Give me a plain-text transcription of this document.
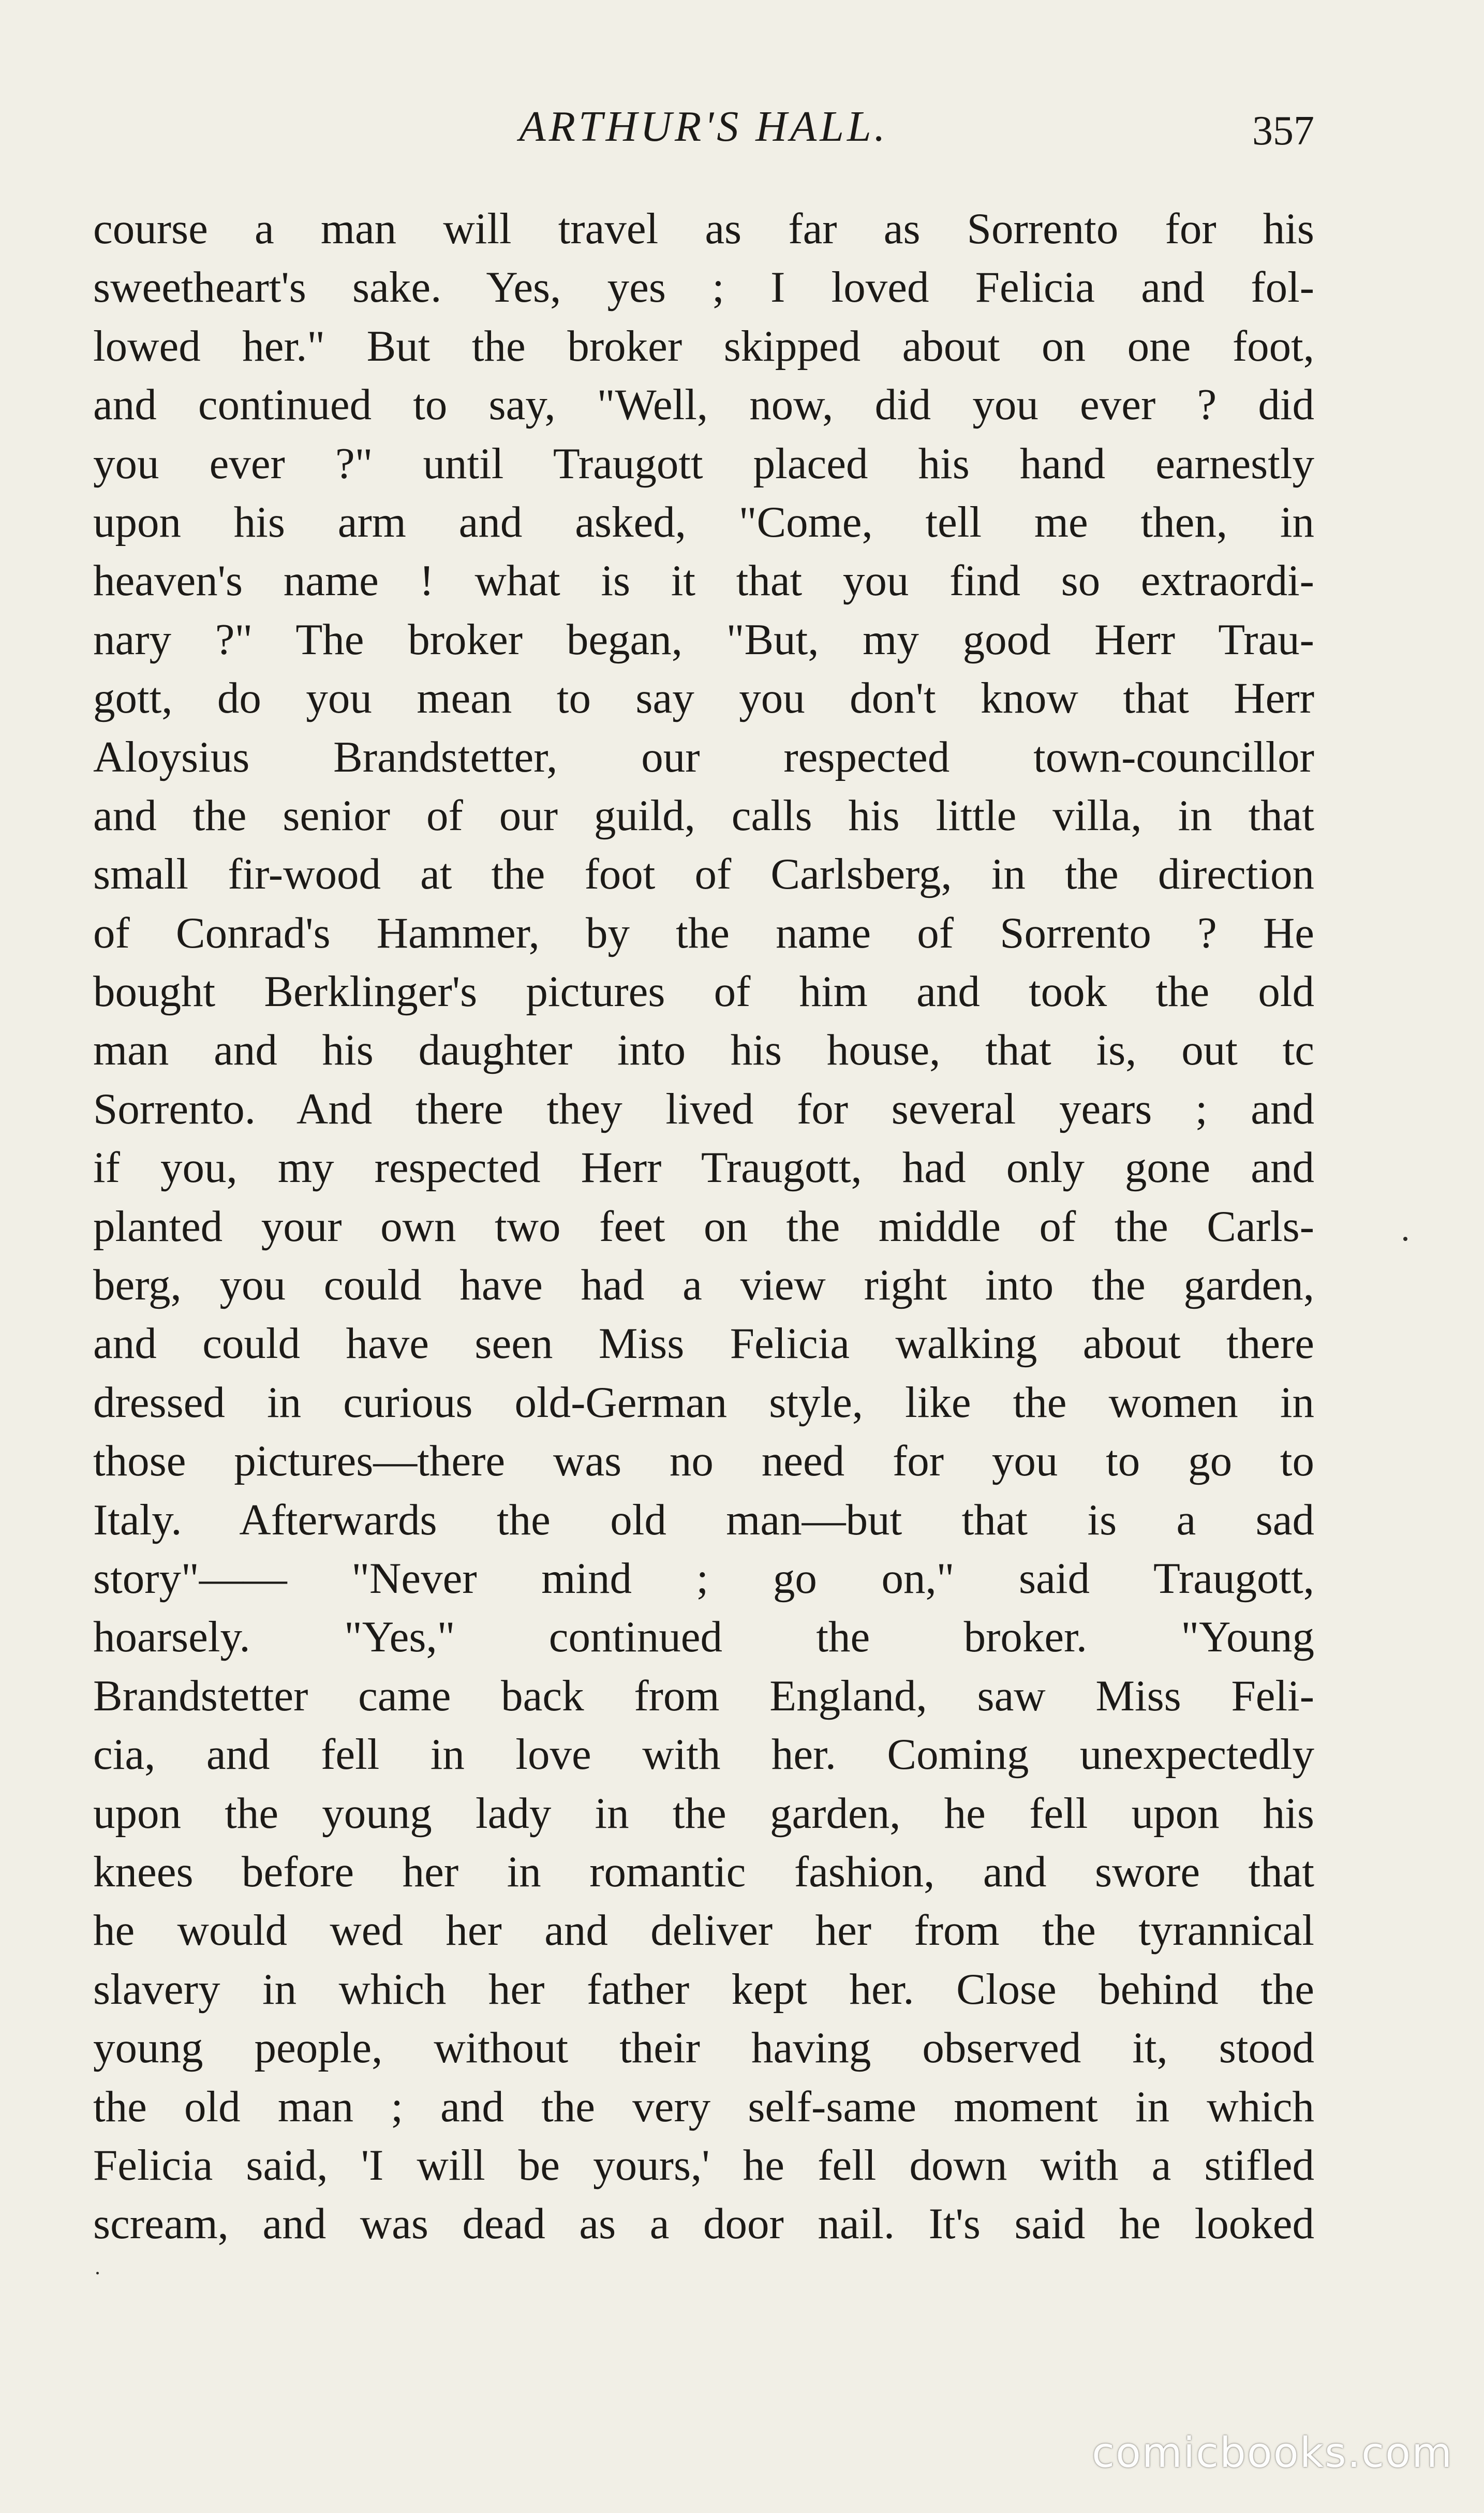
ARTHUR'S HALL.	357
course a man will travel as far as Sorrento for his
sweetheart's sake. Yes, yes ; I loved Felicia and fol-
lowed her." But the broker skipped about on one foot,
and continued to say, "Well, now, did you ever ? did
you ever ?" until Traugott placed his hand earnestly
upon his arm and asked, "Come, tell me then, in
heaven's name ! what is it that you find so extraordi-
nary ?" The broker began, "But, my good Herr Trau-
gott, do you mean to say you don't know that Herr
Aloysius Brandstetter, our respected town-councillor
and the senior of our guild, calls his little villa, in that
small fir-wood at the foot of Carlsberg, in the direction
of Conrad's Hammer, by the name of Sorrento ? He
bought Berklinger's pictures of him and took the old
man and his daughter into his house, that is, out tc
Sorrento. And there they lived for several years ; and
if you, my respected Herr Traugott, had only gone and
planted your own two feet on the middle of the Carls-
berg, you could have had a view right into the garden,
and could have seen Miss Felicia walking about there
dressed in curious old-German style, like the women in
those pictures—there was no need for you to go to
Italy. Afterwards the old man—but that is a sad
story"—— "Never mind ; go on," said Traugott,
hoarsely. "Yes," continued the broker. "Young
Brandstetter came back from England, saw Miss Feli-
cia, and fell in love with her. Coming unexpectedly
upon the young lady in the garden, he fell upon his
knees before her in romantic fashion, and swore that
he would wed her and deliver her from the tyrannical
slavery in which her father kept her. Close behind the
young people, without their having observed it, stood
the old man ; and the very self-same moment in which
Felicia said, 'I will be yours,' he fell down with a stifled
scream, and was dead as a door nail. It's said he looked
comicbooks.com
